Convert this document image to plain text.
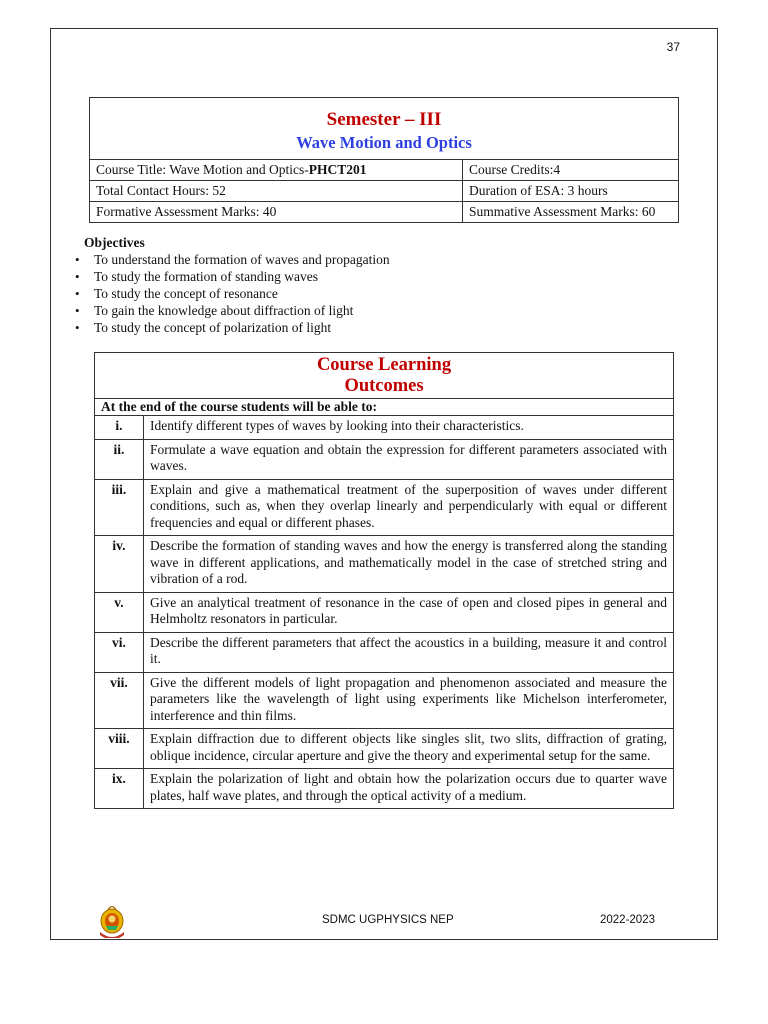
37
Semester – III
Wave Motion and Optics	

Course Title: Wave Motion and Optics-PHCT201	Course Credits:4
Total Contact Hours: 52	Duration of ESA: 3 hours
Formative Assessment Marks: 40	Summative Assessment Marks: 60
Objectives
• To understand the formation of waves and propagation
• To study the formation of standing waves
• To study the concept of resonance
• To gain the knowledge about diffraction of light
• To study the concept of polarization of light
Course Learning
Outcomes	

At the end of the course students will be able to:	
i.	Identify different types of waves by looking into their characteristics.
ii.	Formulate a wave equation and obtain the expression for different parameters associated with waves.
iii.	Explain and give a mathematical treatment of the superposition of waves under different conditions, such as, when they overlap linearly and perpendicularly with equal or different frequencies and equal or different phases.
iv.	Describe the formation of standing waves and how the energy is transferred along the standing wave in different applications, and mathematically model in the case of stretched string and vibration of a rod.
v.	Give an analytical treatment of resonance in the case of open and closed pipes in general and Helmholtz resonators in particular.
vi.	Describe the different parameters that affect the acoustics in a building, measure it and control it.
vii.	Give the different models of light propagation and phenomenon associated and measure the parameters like the wavelength of light using experiments like Michelson interferometer, interference and thin films.
viii.	Explain diffraction due to different objects like singles slit, two slits, diffraction of grating, oblique incidence, circular aperture and give the theory and experimental setup for the same.
ix.	Explain the polarization of light and obtain how the polarization occurs due to quarter wave plates, half wave plates, and through the optical activity of a medium.
SDMC UGPHYSICS NEP	2022-2023
